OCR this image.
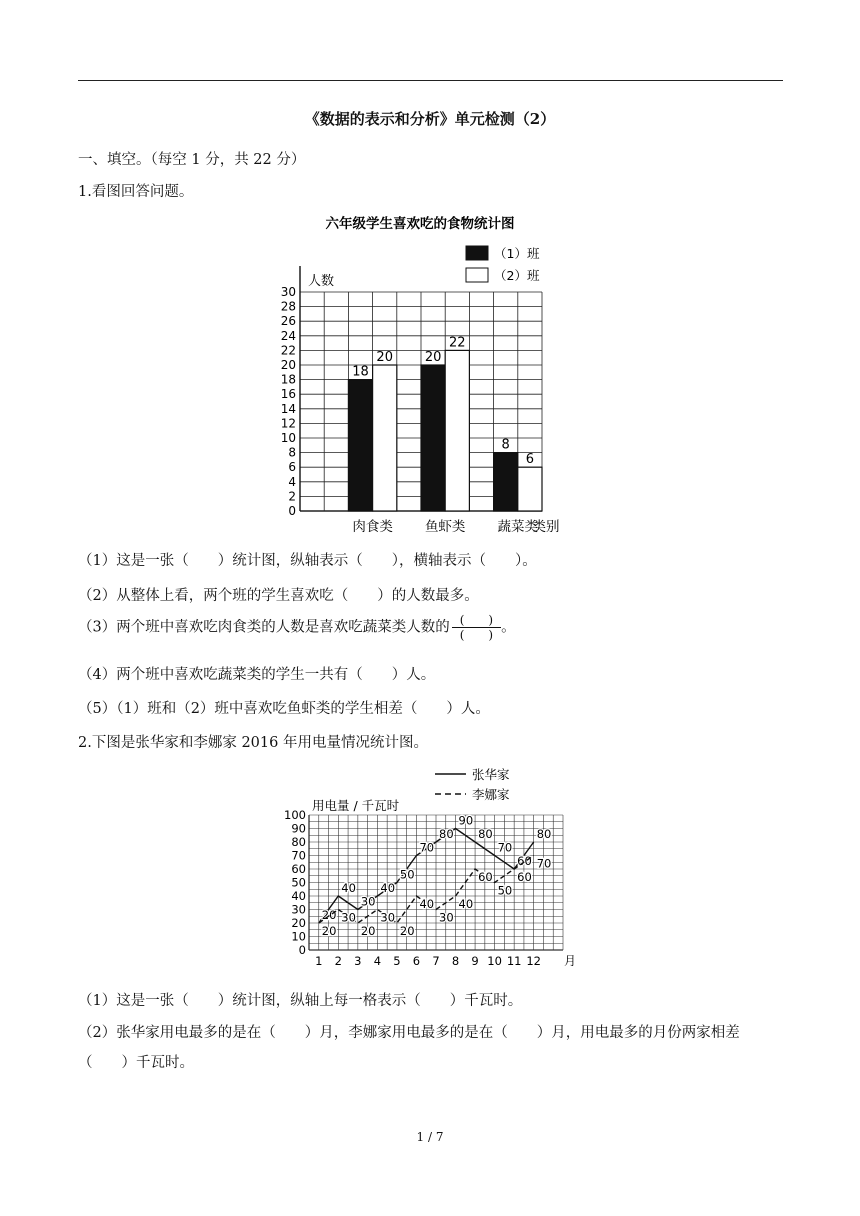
《数据的表示和分析》单元检测（2）
一、填空。（每空 1 分，共 22 分）
1.看图回答问题。
六年级学生喜欢吃的食物统计图
（1）班
（2）班
人数
0
2
4
6
8
10
12
14
16
18
20
22
24
26
28
30
18
20
肉食类
20
22
鱼虾类
8
6
蔬菜类
类别
（1）这是一张（　　）统计图，纵轴表示（　　），横轴表示（　　）。
（2）从整体上看，两个班的学生喜欢吃（　　）的人数最多。
（3）两个班中喜欢吃肉食类的人数是喜欢吃蔬菜类人数的 $\frac{( )}{( )}$ 。
（4）两个班中喜欢吃蔬菜类的学生一共有（　　）人。
（5）（1）班和（2）班中喜欢吃鱼虾类的学生相差（　　）人。
2.下图是张华家和李娜家 2016 年用电量情况统计图。
张华家
李娜家
用电量 / 千瓦时
0
10
20
30
40
50
60
70
80
90
100
1 2 3 4 5 6 7 8 9 10 11 12 月
20
40
30
40
50
70
80
90
80
70
60
80
20
30
20
30
20
40
30
40
60
50
60
70
（1）这是一张（　　）统计图，纵轴上每一格表示（　　）千瓦时。
（2）张华家用电最多的是在（　　）月，李娜家用电最多的是在（　　）月，用电最多的月份两家相差（　　）千瓦时。
1 / 7
